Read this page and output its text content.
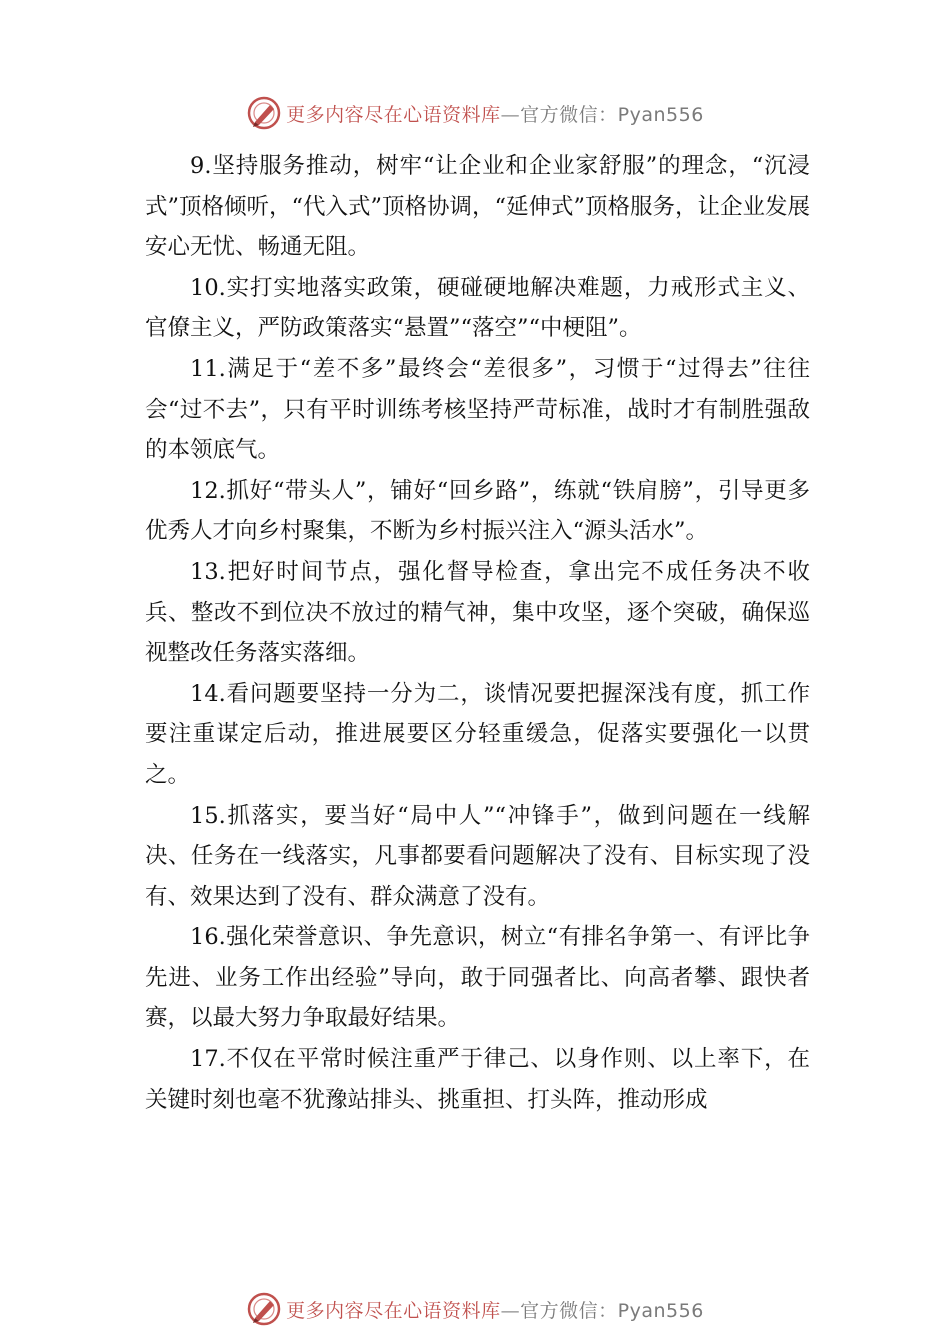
更多内容尽在心语资料库—官方微信：Pyan556

9.坚持服务推动，树牢“让企业和企业家舒服”的理念，“沉浸式”顶格倾听，“代入式”顶格协调，“延伸式”顶格服务，让企业发展安心无忧、畅通无阻。

10.实打实地落实政策，硬碰硬地解决难题，力戒形式主义、官僚主义，严防政策落实“悬置”“落空”“中梗阻”。

11.满足于“差不多”最终会“差很多”，习惯于“过得去”往往会“过不去”，只有平时训练考核坚持严苛标准，战时才有制胜强敌的本领底气。

12.抓好“带头人”，铺好“回乡路”，练就“铁肩膀”，引导更多优秀人才向乡村聚集，不断为乡村振兴注入“源头活水”。

13.把好时间节点，强化督导检查，拿出完不成任务决不收兵、整改不到位决不放过的精气神，集中攻坚，逐个突破，确保巡视整改任务落实落细。

14.看问题要坚持一分为二，谈情况要把握深浅有度，抓工作要注重谋定后动，推进展要区分轻重缓急，促落实要强化一以贯之。

15.抓落实，要当好“局中人”“冲锋手”，做到问题在一线解决、任务在一线落实，凡事都要看问题解决了没有、目标实现了没有、效果达到了没有、群众满意了没有。

16.强化荣誉意识、争先意识，树立“有排名争第一、有评比争先进、业务工作出经验”导向，敢于同强者比、向高者攀、跟快者赛，以最大努力争取最好结果。

17.不仅在平常时候注重严于律己、以身作则、以上率下，在关键时刻也毫不犹豫站排头、挑重担、打头阵，推动形成

更多内容尽在心语资料库—官方微信：Pyan556
